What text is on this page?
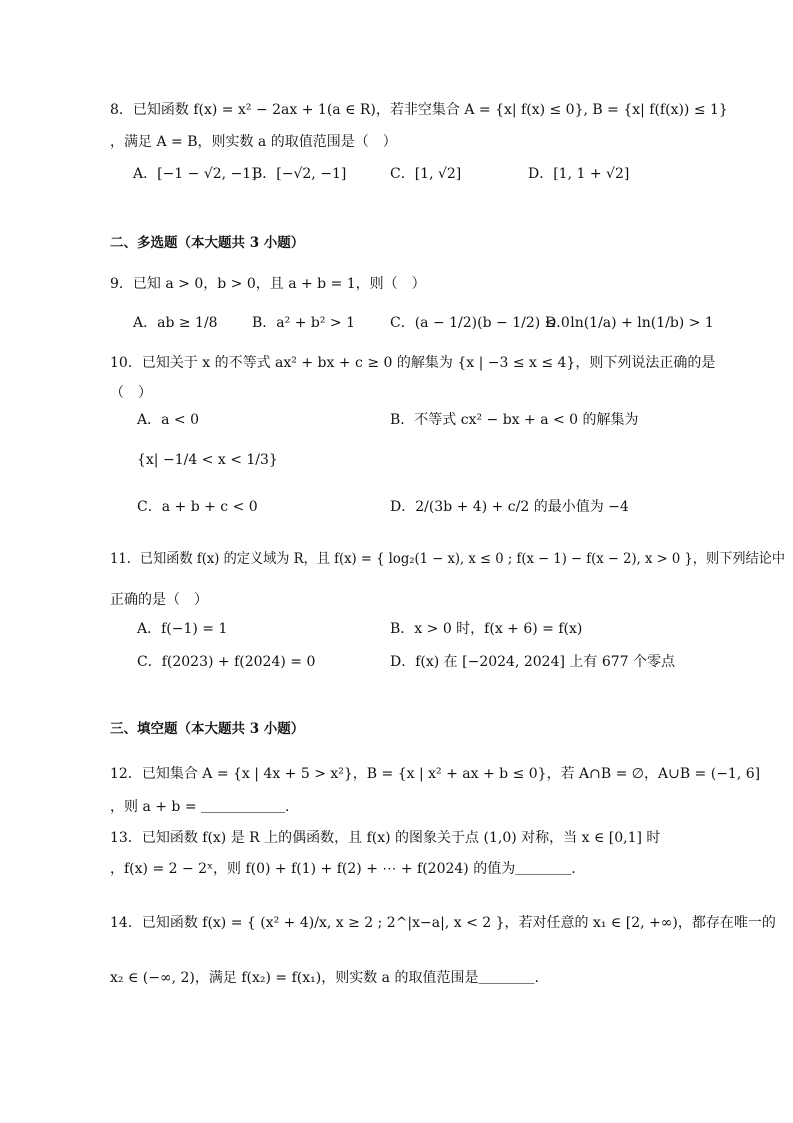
8．已知函数 f(x) = x² − 2ax + 1(a ∈ R)，若非空集合 A = {x| f(x) ≤ 0}, B = {x| f(f(x)) ≤ 1}
，满足 A = B，则实数 a 的取值范围是（　）
A．[−1 − √2, −1]
B．[−√2, −1]	C．[1, √2]	D．[1, 1 + √2]
二、多选题（本大题共 3 小题）
9．已知 a > 0，b > 0，且 a + b = 1，则（　）
A．ab ≥ 1/8 B．a² + b² > 1	C．(a − 1/2)(b − 1/2) ≤ 0
D．ln(1/a) + ln(1/b) > 1
10．已知关于 x 的不等式 ax² + bx + c ≥ 0 的解集为 {x | −3 ≤ x ≤ 4}，则下列说法正确的是
（　）
A．a < 0	B．不等式 cx² − bx + a < 0 的解集为
{x| −1/4 < x < 1/3}
C．a + b + c < 0	D．2/(3b + 4) + c/2 的最小值为 −4
11．已知函数 f(x) 的定义域为 R，且 f(x) = { log₂(1 − x), x ≤ 0 ; f(x − 1) − f(x − 2), x > 0 }，则下列结论中
正确的是（　）
A．f(−1) = 1	B．x > 0 时，f(x + 6) = f(x)
C．f(2023) + f(2024) = 0	D．f(x) 在 [−2024, 2024] 上有 677 个零点
三、填空题（本大题共 3 小题）
12．已知集合 A = {x | 4x + 5 > x²}，B = {x | x² + ax + b ≤ 0}，若 A∩B = ∅，A∪B = (−1, 6]
，则 a + b = ＿＿＿＿＿＿.
13．已知函数 f(x) 是 R 上的偶函数，且 f(x) 的图象关于点 (1,0) 对称，当 x ∈ [0,1] 时
，f(x) = 2 − 2ˣ，则 f(0) + f(1) + f(2) + ⋯ + f(2024) 的值为＿＿＿＿.
14．已知函数 f(x) = { (x² + 4)/x, x ≥ 2 ; 2^|x−a|, x < 2 }，若对任意的 x₁ ∈ [2, +∞)，都存在唯一的
x₂ ∈ (−∞, 2)，满足 f(x₂) = f(x₁)，则实数 a 的取值范围是＿＿＿＿.
